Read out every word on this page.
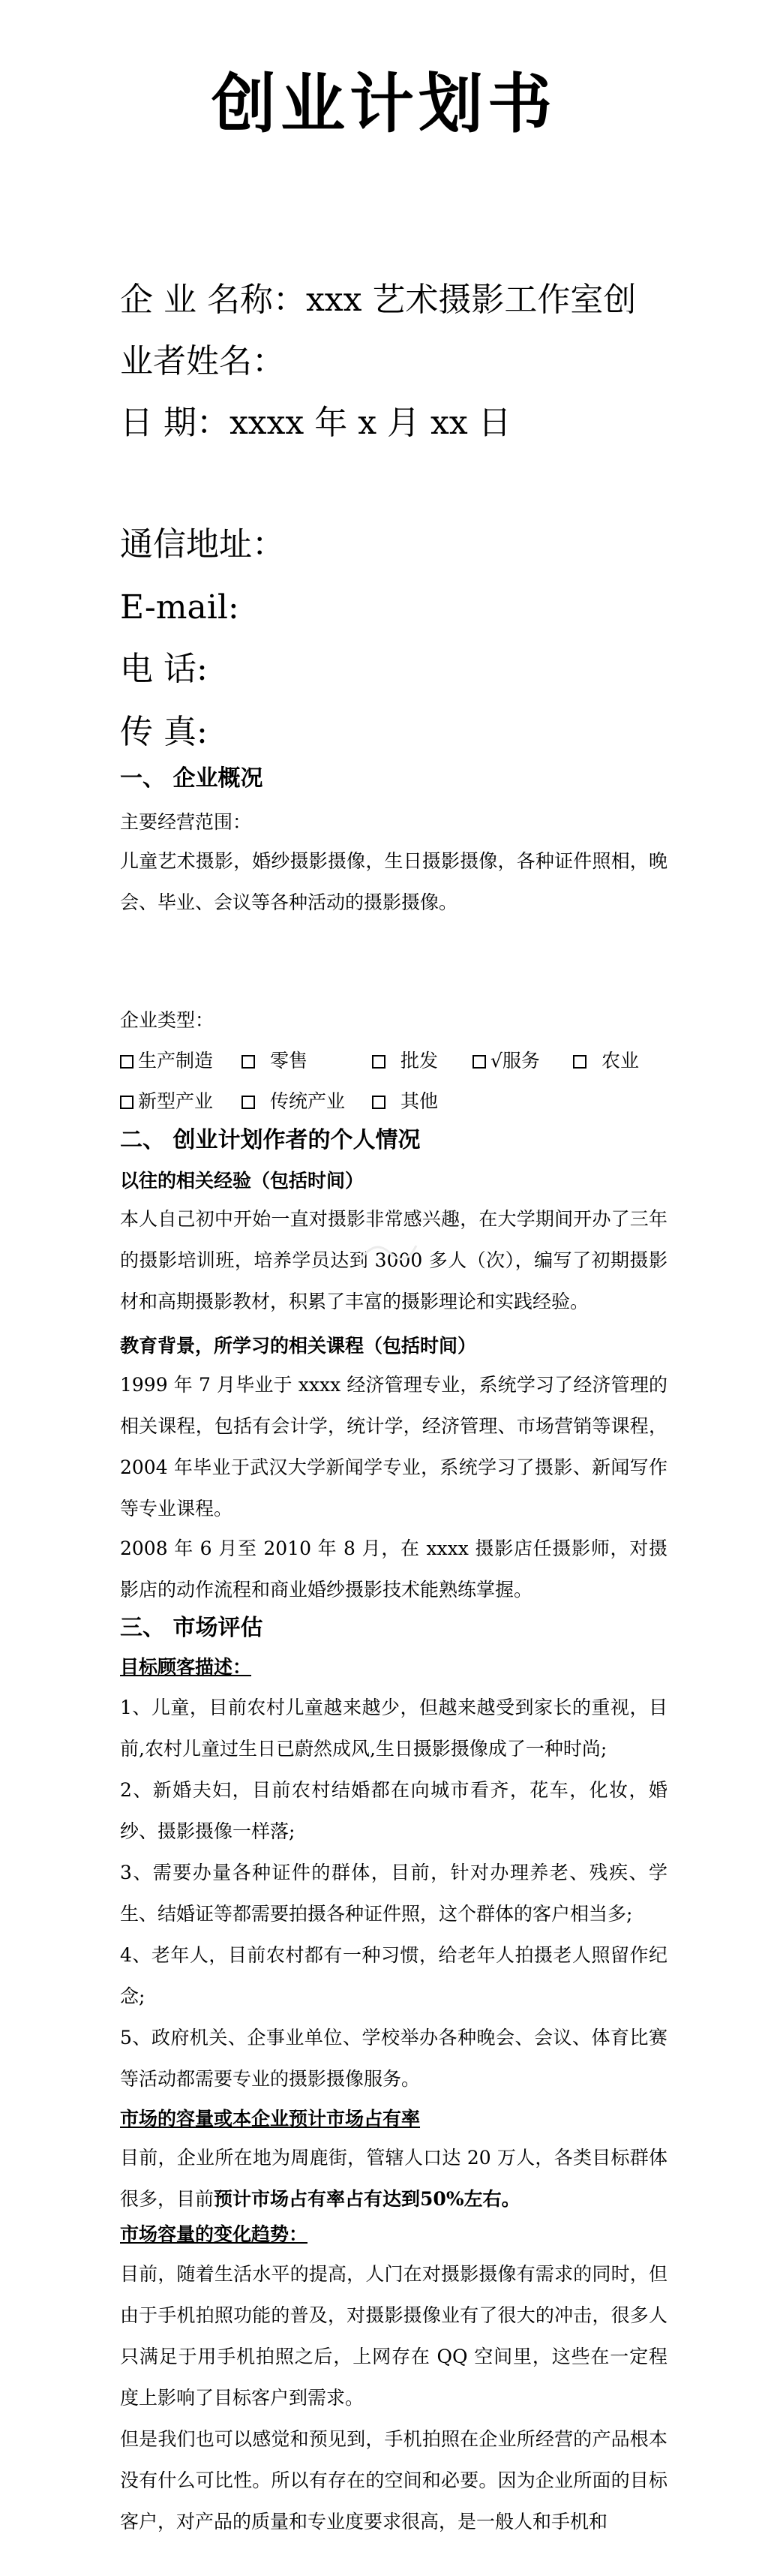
创业计划书
企 业 名称：xxx 艺术摄影工作室创
业者姓名：
日 期：xxxx 年 x 月 xx 日
通信地址：
E-mail:
电 话:
传 真:
一、 企业概况
主要经营范围：
儿童艺术摄影，婚纱摄影摄像，生日摄影摄像，各种证件照相，晚会、毕业、会议等各种活动的摄影摄像。
企业类型：
生产制造	零售	批发	√服务	农业
新型产业	传统产业	其他
二、 创业计划作者的个人情况
以往的相关经验（包括时间）
本人自己初中开始一直对摄影非常感兴趣，在大学期间开办了三年的摄影培训班，培养学员达到 3000 多人（次），编写了初期摄影材和高期摄影教材，积累了丰富的摄影理论和实践经验。
教育背景，所学习的相关课程（包括时间）
1999 年 7 月毕业于 xxxx 经济管理专业，系统学习了经济管理的相关课程，包括有会计学，统计学，经济管理、市场营销等课程，2004 年毕业于武汉大学新闻学专业，系统学习了摄影、新闻写作等专业课程。
2008 年 6 月至 2010 年 8 月，在 xxxx 摄影店任摄影师，对摄影店的动作流程和商业婚纱摄影技术能熟练掌握。
三、 市场评估
目标顾客描述：
1、儿童，目前农村儿童越来越少，但越来越受到家长的重视，目前,农村儿童过生日已蔚然成风,生日摄影摄像成了一种时尚;
2、新婚夫妇，目前农村结婚都在向城市看齐，花车，化妆，婚纱、摄影摄像一样落;
3、需要办量各种证件的群体，目前，针对办理养老、残疾、学生、结婚证等都需要拍摄各种证件照，这个群体的客户相当多;
4、老年人，目前农村都有一种习惯，给老年人拍摄老人照留作纪念;
5、政府机关、企事业单位、学校举办各种晚会、会议、体育比赛等活动都需要专业的摄影摄像服务。
市场的容量或本企业预计市场占有率
目前，企业所在地为周鹿街，管辖人口达 20 万人，各类目标群体很多，目前预计市场占有率占有达到50%左右。
市场容量的变化趋势：
目前，随着生活水平的提高，人门在对摄影摄像有需求的同时，但由于手机拍照功能的普及，对摄影摄像业有了很大的冲击，很多人只满足于用手机拍照之后，上网存在 QQ 空间里，这些在一定程度上影响了目标客户到需求。
但是我们也可以感觉和预见到，手机拍照在企业所经营的产品根本没有什么可比性。所以有存在的空间和必要。因为企业所面的目标客户，对产品的质量和专业度要求很高，是一般人和手机和
